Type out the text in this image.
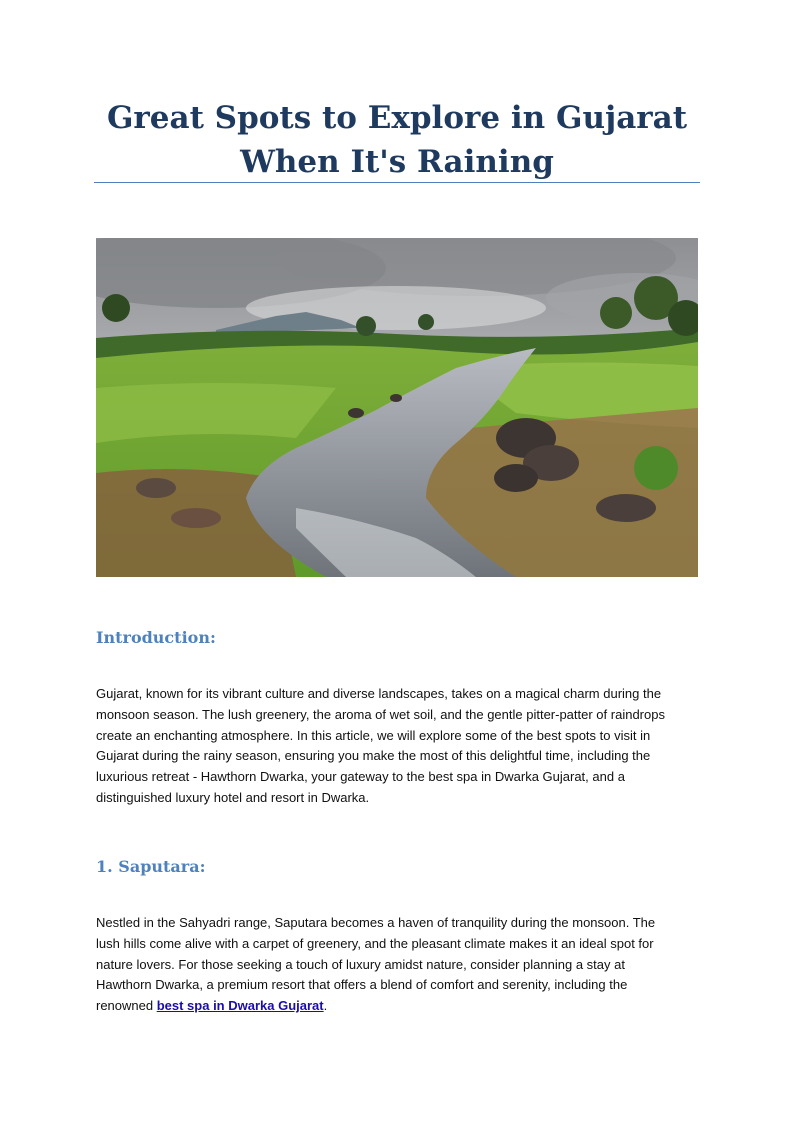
Great Spots to Explore in Gujarat
When It's Raining
Introduction:

Gujarat, known for its vibrant culture and diverse landscapes, takes on a magical charm during the
monsoon season. The lush greenery, the aroma of wet soil, and the gentle pitter-patter of raindrops
create an enchanting atmosphere. In this article, we will explore some of the best spots to visit in
Gujarat during the rainy season, ensuring you make the most of this delightful time, including the
luxurious retreat - Hawthorn Dwarka, your gateway to the best spa in Dwarka Gujarat, and a
distinguished luxury hotel and resort in Dwarka.

1. Saputara:

Nestled in the Sahyadri range, Saputara becomes a haven of tranquility during the monsoon. The
lush hills come alive with a carpet of greenery, and the pleasant climate makes it an ideal spot for
nature lovers. For those seeking a touch of luxury amidst nature, consider planning a stay at
Hawthorn Dwarka, a premium resort that offers a blend of comfort and serenity, including the
renowned best spa in Dwarka Gujarat.
